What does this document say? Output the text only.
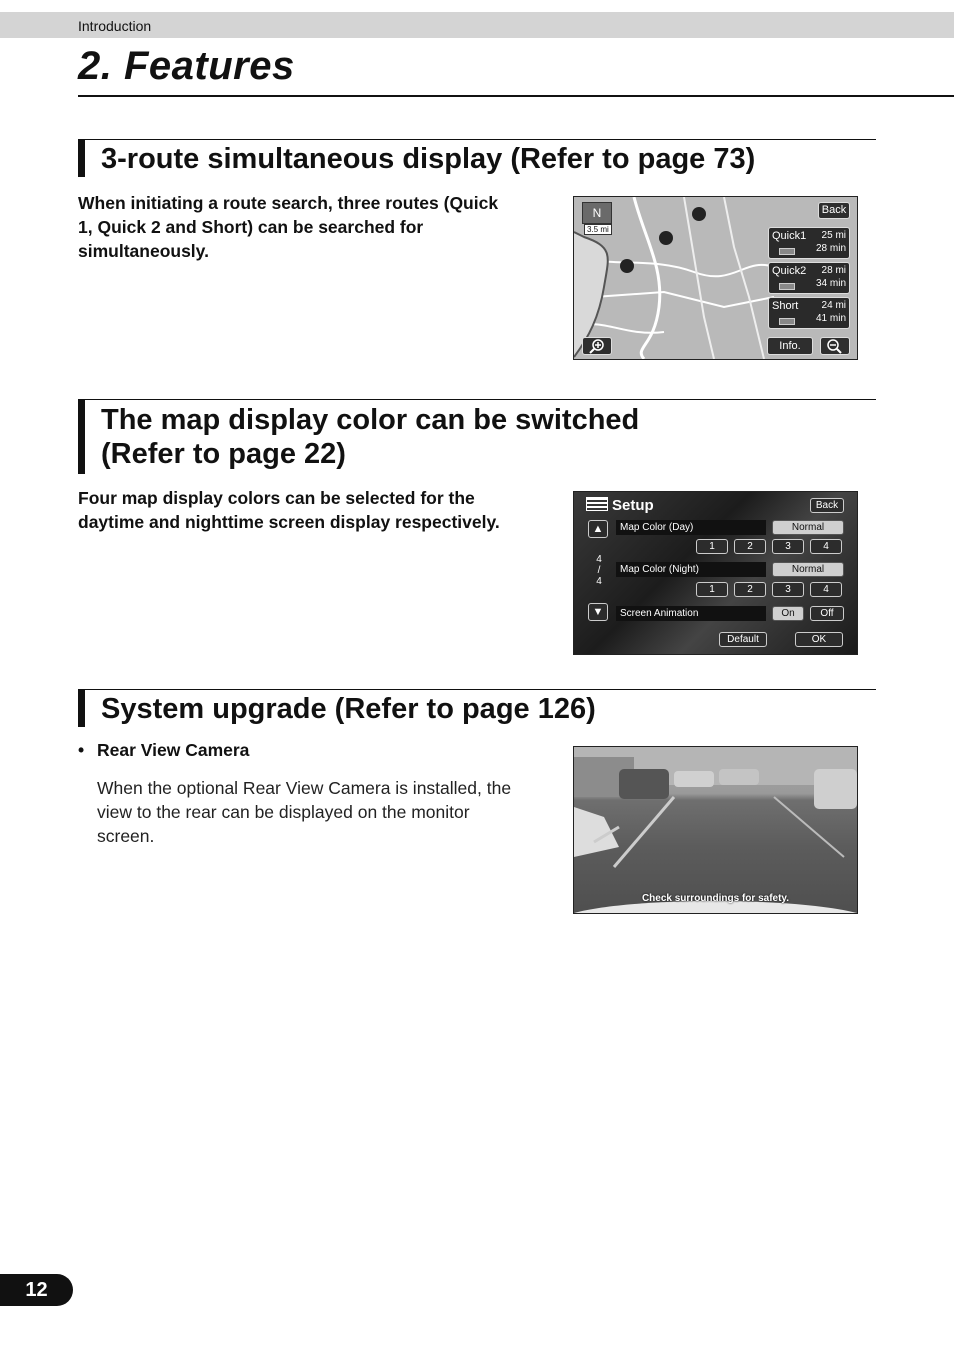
Introduction
2. Features
3-route simultaneous display (Refer to page 73)
When initiating a route search, three routes (Quick 1, Quick 2 and Short) can be searched for simultaneously.
N
3.5 mi
Back
Quick1 25 mi
28 min
Quick2 28 mi
34 min
Short 24 mi
41 min
Info.
The map display color can be switched
(Refer to page 22)
Four map display colors can be selected for the daytime and nighttime screen display respectively.
Setup	Back
▲
4
/
4
▼
Map Color (Day)	Normal
1	2	3	4
Map Color (Night)	Normal
1	2	3	4
Screen Animation	On	Off
Default	OK
System upgrade (Refer to page 126)
• Rear View Camera
When the optional Rear View Camera is installed, the view to the rear can be displayed on the monitor screen.
Check surroundings for safety.
12
